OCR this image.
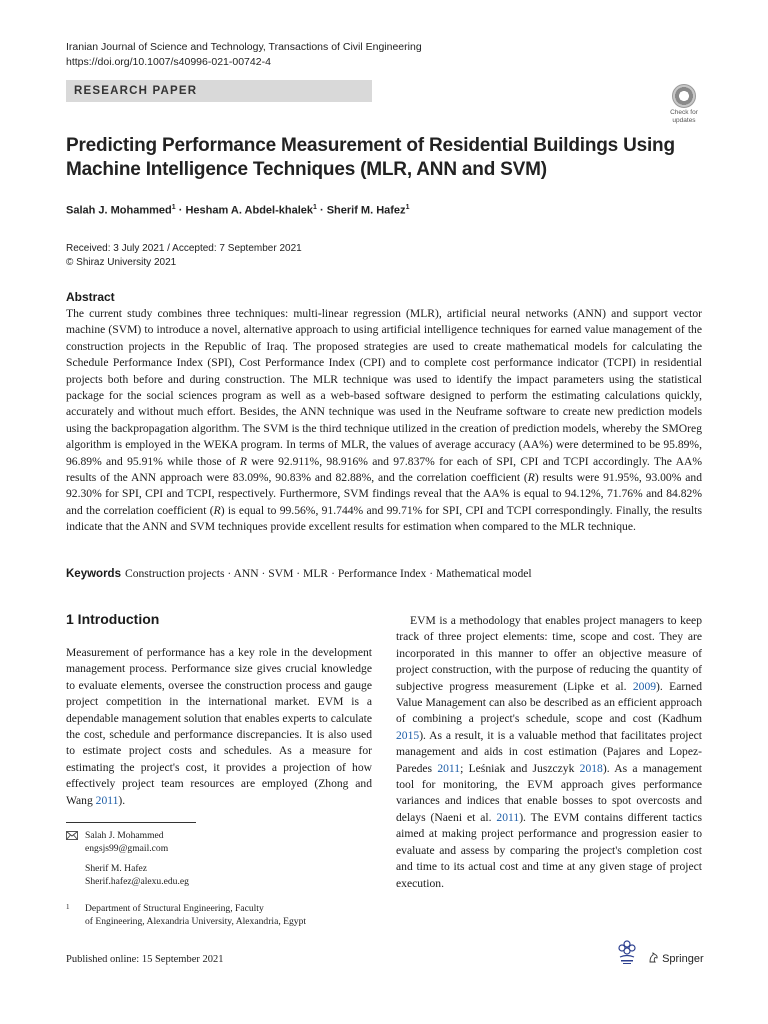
Iranian Journal of Science and Technology, Transactions of Civil Engineering
https://doi.org/10.1007/s40996-021-00742-4
RESEARCH PAPER
Check for
updates
Predicting Performance Measurement of Residential Buildings Using Machine Intelligence Techniques (MLR, ANN and SVM)
Salah J. Mohammed$^1$ · Hesham A. Abdel-khalek$^1$ · Sherif M. Hafez$^1$
Received: 3 July 2021 / Accepted: 7 September 2021
© Shiraz University 2021
Abstract
The current study combines three techniques: multi-linear regression (MLR), artificial neural networks (ANN) and support vector machine (SVM) to introduce a novel, alternative approach to using artificial intelligence techniques for earned value management of the construction projects in the Republic of Iraq. The proposed strategies are used to create mathematical models for calculating the Schedule Performance Index (SPI), Cost Performance Index (CPI) and to complete cost performance indicator (TCPI) in residential projects both before and during construction. The MLR technique was used to identify the impact parameters using the statistical package for the social sciences program as well as a web-based software designed to perform the estimating calculations quickly, accurately and without much effort. Besides, the ANN technique was used in the Neuframe software to create new prediction models using the backpropagation algorithm. The SVM is the third technique utilized in the creation of prediction models, whereby the SMOreg algorithm is employed in the WEKA program. In terms of MLR, the values of average accuracy (AA%) were determined to be 95.89%, 96.89% and 95.91% while those of R were 92.911%, 98.916% and 97.837% for each of SPI, CPI and TCPI accordingly. The AA% results of the ANN approach were 83.09%, 90.83% and 82.88%, and the correlation coefficient (R) results were 91.95%, 93.00% and 92.30% for SPI, CPI and TCPI, respectively. Furthermore, SVM findings reveal that the AA% is equal to 94.12%, 71.76% and 84.82% and the correlation coefficient (R) is equal to 99.56%, 91.744% and 99.71% for SPI, CPI and TCPI correspondingly. Finally, the results indicate that the ANN and SVM techniques provide excellent results for estimation when compared to the MLR technique.
Keywords Construction projects · ANN · SVM · MLR · Performance Index · Mathematical model
1 Introduction
Measurement of performance has a key role in the development management process. Performance size gives crucial knowledge to evaluate elements, oversee the construction process and gauge project competition in the international market. EVM is a dependable management solution that enables experts to calculate the cost, schedule and performance discrepancies. It is also used to estimate project costs and schedules. As a measure for estimating the project's cost, it provides a projection of how effectively project team resources are employed (Zhong and Wang 2011).
EVM is a methodology that enables project managers to keep track of three project elements: time, scope and cost. They are incorporated in this manner to offer an objective measure of project construction, with the purpose of reducing the quantity of subjective progress measurement (Lipke et al. 2009). Earned Value Management can also be described as an efficient approach of combining a project's schedule, scope and cost (Kadhum 2015). As a result, it is a valuable method that facilitates project management and aids in cost estimation (Pajares and Lopez-Paredes 2011; Leśniak and Juszczyk 2018). As a management tool for monitoring, the EVM approach gives performance variances and indices that enable bosses to spot overcosts and delays (Naeni et al. 2011). The EVM contains different tactics aimed at making project performance and progression easier to evaluate and assess by comparing the project's completion cost and time to its actual cost and time at any given stage of project execution.
Salah J. Mohammed
engsjs99@gmail.com
Sherif M. Hafez
Sherif.hafez@alexu.edu.eg
1 Department of Structural Engineering, Faculty
of Engineering, Alexandria University, Alexandria, Egypt
Published online: 15 September 2021	Springer
